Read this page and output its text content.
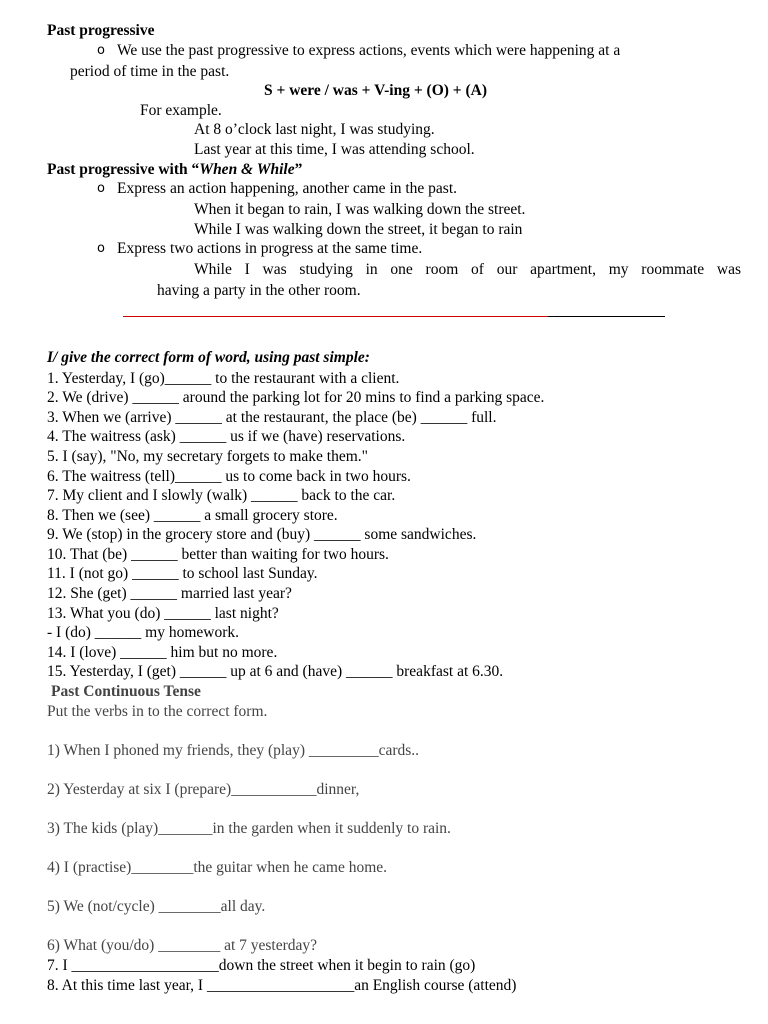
Past progressive
o We use the past progressive to express actions, events which were happening at a
period of time in the past.
S + were / was + V-ing + (O) + (A)
For example.
At 8 o’clock last night, I was studying.
Last year at this time, I was attending school.
Past progressive with “When & While”
o Express an action happening, another came in the past.
When it began to rain, I was walking down the street.
While I was walking down the street, it began to rain
o Express two actions in progress at the same time.
While I was studying in one room of our apartment, my roommate was
having a party in the other room.
I/ give the correct form of word, using past simple:
1. Yesterday, I (go)______ to the restaurant with a client.
2. We (drive) ______ around the parking lot for 20 mins to find a parking space.
3. When we (arrive) ______ at the restaurant, the place (be) ______ full.
4. The waitress (ask) ______ us if we (have) reservations.
5. I (say), "No, my secretary forgets to make them."
6. The waitress (tell)______ us to come back in two hours.
7. My client and I slowly (walk) ______ back to the car.
8. Then we (see) ______ a small grocery store.
9. We (stop) in the grocery store and (buy) ______ some sandwiches.
10. That (be) ______ better than waiting for two hours.
11. I (not go) ______ to school last Sunday.
12. She (get) ______ married last year?
13. What you (do) ______ last night?
- I (do) ______ my homework.
14. I (love) ______ him but no more.
15. Yesterday, I (get) ______ up at 6 and (have) ______ breakfast at 6.30.
Past Continuous Tense
Put the verbs in to the correct form.
1) When I phoned my friends, they (play) _________cards..
2) Yesterday at six I (prepare)___________dinner,
3) The kids (play)_______in the garden when it suddenly to rain.
4) I (practise)________the guitar when he came home.
5) We (not/cycle) ________all day.
6) What (you/do) ________ at 7 yesterday?
7. I ___________________down the street when it begin to rain (go)
8. At this time last year, I ___________________an English course (attend)
